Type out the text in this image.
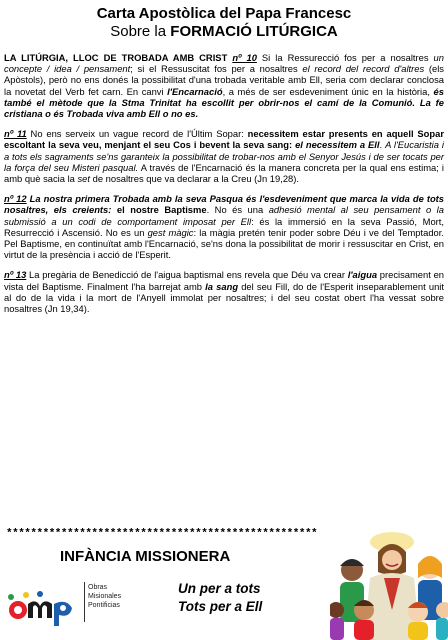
Carta Apostòlica del Papa Francesc
Sobre la FORMACIÓ LITÚRGICA

LA LITÚRGIA, LLOC DE TROBADA AMB CRIST nº 10 Si la Ressurecció fos per a nosaltres un concepte / idea / pensament; si el Ressuscitat fos per a nosaltres el record del record d'altres (els Apòstols), però no ens donés la possibilitat d'una trobada veritable amb Ell, seria com declarar conclosa la novetat del Verb fet carn. En canvi l'Encarnació, a més de ser esdeveniment únic en la història, és també el mètode que la Stma Trinitat ha escollit per obrir-nos el camí de la Comunió. La fe cristiana o és Trobada viva amb Ell o no es.

nº 11 No ens serveix un vague record de l'Últim Sopar: necessitem estar presents en aquell Sopar escoltant la seva veu, menjant el seu Cos i bevent la seva sang: el necessitem a Ell. A l'Eucaristia i a tots els sagraments se'ns garanteix la possibilitat de trobar-nos amb el Senyor Jesús i de ser tocats per la força del seu Misteri pasqual. A través de l'Encarnació és la manera concreta per la qual ens estima; i amb què sacia la set de nosaltres que va declarar a la Creu (Jn 19,28).

nº 12 La nostra primera Trobada amb la seva Pasqua és l'esdeveniment que marca la vida de tots nosaltres, els creients: el nostre Baptisme. No és una adhesió mental al seu pensament o la submissió a un codi de comportament imposat per Ell: és la immersió en la seva Passió, Mort, Resurrecció i Ascensió. No es un gest màgic: la màgia pretén tenir poder sobre Déu i ve del Temptador. Pel Baptisme, en continuïtat amb l'Encarnació, se'ns dona la possibilitat de morir i ressuscitar en Crist, en virtut de la presència i acció de l'Esperit.

nº 13 La pregària de Benedicció de l'aigua baptismal ens revela que Déu va crear l'aigua precisament en vista del Baptisme. Finalment l'ha barrejat amb la sang del seu Fill, do de l'Esperit inseparablement unit al do de la vida i la mort de l'Anyell immolat per nosaltres; i del seu costat obert l'ha vessat sobre nosaltres (Jn 19,34).

***************************************************
INFÀNCIA MISSIONERA
Obras
Misionales
Pontificias
Un per a tots
Tots per a Ell
